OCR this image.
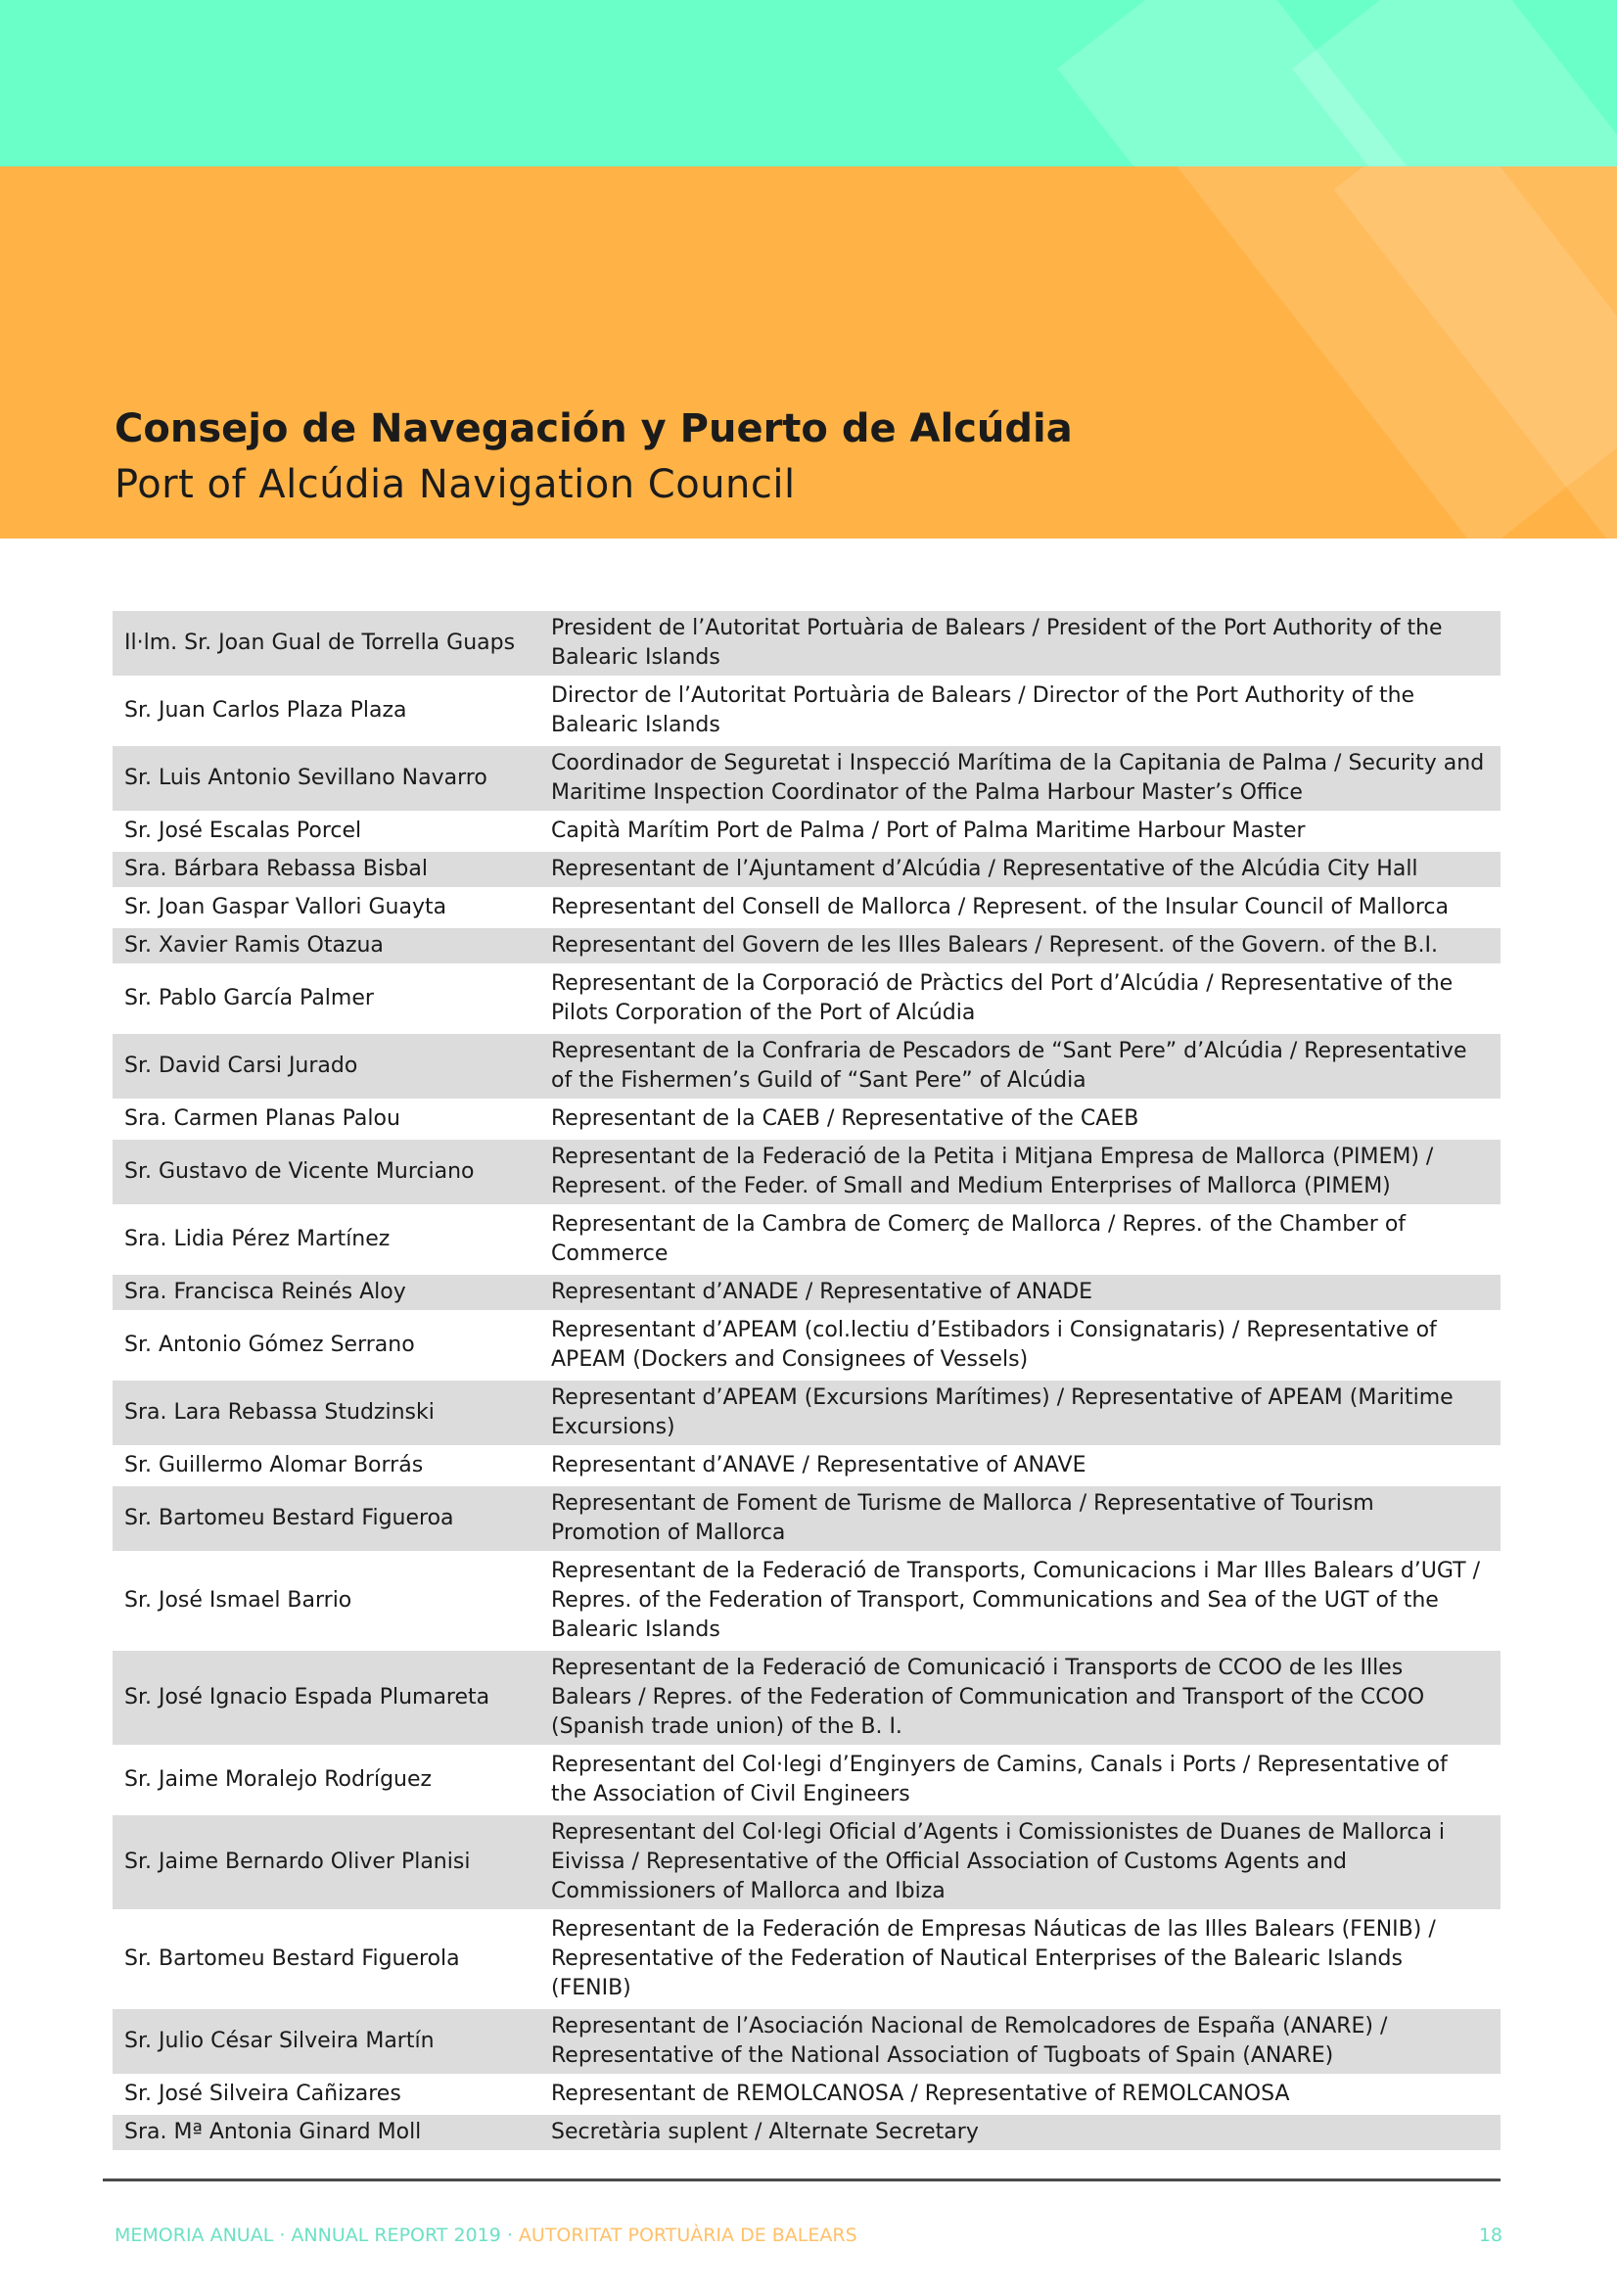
Consejo de Navegación y Puerto de Alcúdia
Port of Alcúdia Navigation Council
Il·lm. Sr. Joan Gual de Torrella Guaps	President de l’Autoritat Portuària de Balears / President of the Port Authority of the Balearic Islands
Sr. Juan Carlos Plaza Plaza	Director de l’Autoritat Portuària de Balears / Director of the Port Authority of the Balearic Islands
Sr. Luis Antonio Sevillano Navarro	Coordinador de Seguretat i Inspecció Marítima de la Capitania de Palma / Security and Maritime Inspection Coordinator of the Palma Harbour Master’s Office
Sr. José Escalas Porcel	Capità Marítim Port de Palma / Port of Palma Maritime Harbour Master
Sra. Bárbara Rebassa Bisbal	Representant de l’Ajuntament d’Alcúdia / Representative of the Alcúdia City Hall
Sr. Joan Gaspar Vallori Guayta	Representant del Consell de Mallorca / Represent. of the Insular Council of Mallorca
Sr. Xavier Ramis Otazua	Representant del Govern de les Illes Balears / Represent. of the Govern. of the B.I.
Sr. Pablo García Palmer	Representant de la Corporació de Pràctics del Port d’Alcúdia / Representative of the Pilots Corporation of the Port of Alcúdia
Sr. David Carsi Jurado	Representant de la Confraria de Pescadors de “Sant Pere” d’Alcúdia / Representative of the Fishermen’s Guild of “Sant Pere” of Alcúdia
Sra. Carmen Planas Palou	Representant de la CAEB / Representative of the CAEB
Sr. Gustavo de Vicente Murciano	Representant de la Federació de la Petita i Mitjana Empresa de Mallorca (PIMEM) / Represent. of the Feder. of Small and Medium Enterprises of Mallorca (PIMEM)
Sra. Lidia Pérez Martínez	Representant de la Cambra de Comerç de Mallorca / Repres. of the Chamber of Commerce
Sra. Francisca Reinés Aloy	Representant d’ANADE / Representative of ANADE
Sr. Antonio Gómez Serrano	Representant d’APEAM (col.lectiu d’Estibadors i Consignataris) / Representative of APEAM (Dockers and Consignees of Vessels)
Sra. Lara Rebassa Studzinski	Representant d’APEAM (Excursions Marítimes) / Representative of APEAM (Maritime Excursions)
Sr. Guillermo Alomar Borrás	Representant d’ANAVE / Representative of ANAVE
Sr. Bartomeu Bestard Figueroa	Representant de Foment de Turisme de Mallorca / Representative of Tourism Promotion of Mallorca
Sr. José Ismael Barrio	Representant de la Federació de Transports, Comunicacions i Mar Illes Balears d’UGT / Repres. of the Federation of Transport, Communications and Sea of the UGT of the Balearic Islands
Sr. José Ignacio Espada Plumareta	Representant de la Federació de Comunicació i Transports de CCOO de les Illes Balears / Repres. of the Federation of Communication and Transport of the CCOO (Spanish trade union) of the B. I.
Sr. Jaime Moralejo Rodríguez	Representant del Col·legi d’Enginyers de Camins, Canals i Ports / Representative of the Association of Civil Engineers
Sr. Jaime Bernardo Oliver Planisi	Representant del Col·legi Oficial d’Agents i Comissionistes de Duanes de Mallorca i Eivissa / Representative of the Official Association of Customs Agents and Commissioners of Mallorca and Ibiza
Sr. Bartomeu Bestard Figuerola	Representant de la Federación de Empresas Náuticas de las Illes Balears (FENIB) / Representative of the Federation of Nautical Enterprises of the Balearic Islands (FENIB)
Sr. Julio César Silveira Martín	Representant de l’Asociación Nacional de Remolcadores de España (ANARE) / Representative of the National Association of Tugboats of Spain (ANARE)
Sr. José Silveira Cañizares	Representant de REMOLCANOSA / Representative of REMOLCANOSA
Sra. Mª Antonia Ginard Moll	Secretària suplent / Alternate Secretary
MEMORIA ANUAL · ANNUAL REPORT 2019 · AUTORITAT PORTUÀRIA DE BALEARS	18
